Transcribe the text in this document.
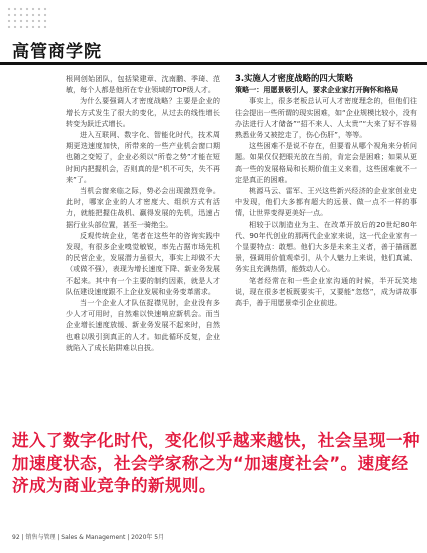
高管商学院

根网创始团队，包括梁建章、沈南鹏、季琦、范敏，每个人都是他所在专业领域的TOP级人才。

为什么要强调人才密度战略？主要是企业的增长方式发生了很大的变化，从过去的线性增长转变为跃迁式增长。

进入互联网、数字化、智能化时代，技术周期更迭速度加快，所带来的一些产业机会窗口期也随之变短了，企业必须以“所卷之势”才能在短时间内把握机会，否则真的是“机不可失，失不再来”了。

当机会窗来临之际，势必会出现激烈竞争。此时，哪家企业的人才密度大、组织方式有活力，就能把握住战机、赢得发展的先机，迅速占据行业头部位置，甚至一骑绝尘。

反观传统企业，笔者在这些年的咨询实践中发现，有很多企业嗅觉敏锐，率先占据市场先机的民营企业，发展潜力虽很大，事实上却做不大（或做不强），表现为增长速度下降、新业务发展不起来。其中有一个主要的制约因素，就是人才队伍建设速度跟不上企业发展和业务变革需求。

当一个企业人才队伍捉襟见肘，企业没有多少人才可用时，自然难以快速响应新机会。而当企业增长速度放缓、新业务发展不起来时，自然也难以吸引到真正的人才。如此循环反复，企业就陷入了成长陷阱难以自拔。

3.实施人才密度战略的四大策略

策略一：用愿景吸引人，要求企业家打开胸怀和格局

事实上，很多老板总认可人才密度理念的，但他们往往会提出一些所谓的现实困难，如“企业规模比较小，没有办法进行人才储备”“招不来人、人太贵”“大来了好不容易熟悉业务又被挖走了，伤心伤肝”，等等。

这些困难不是说不存在，但要看从哪个视角来分析问题。如果仅仅把眼光放在当前，肯定会是困难；如果从更高一些的发展格局和长期价值主义来看，这些困难就不一定是真正的困难。

桃源马云、雷军、王兴这些新兴经济的企业家创业史中发现，他们大多都有超大的远景、做一点不一样的事情，让世界变得更美好一点。

相较于以制造业为主、在改革开放后的20世纪80年代、90年代创业的那两代企业家来说，这一代企业家有一个显要特点：敢想。他们大多是未来主义者，善于描画愿景，强调用价值观牵引，从个人魅力上来说，他们真诚、务实且充满热情，能鼓动人心。

笔者经常在和一些企业家沟通的时候，半开玩笑地说，现在很多老板既要实干，又要能“忽悠”，成为讲故事高手，善于用愿景牵引企业前进。

进入了数字化时代，变化似乎越来越快，社会呈现一种加速度状态，社会学家称之为“加速度社会”。速度经济成为商业竞争的新规则。
92 | 销售与管理 | Sales & Management | 2020年 5月
